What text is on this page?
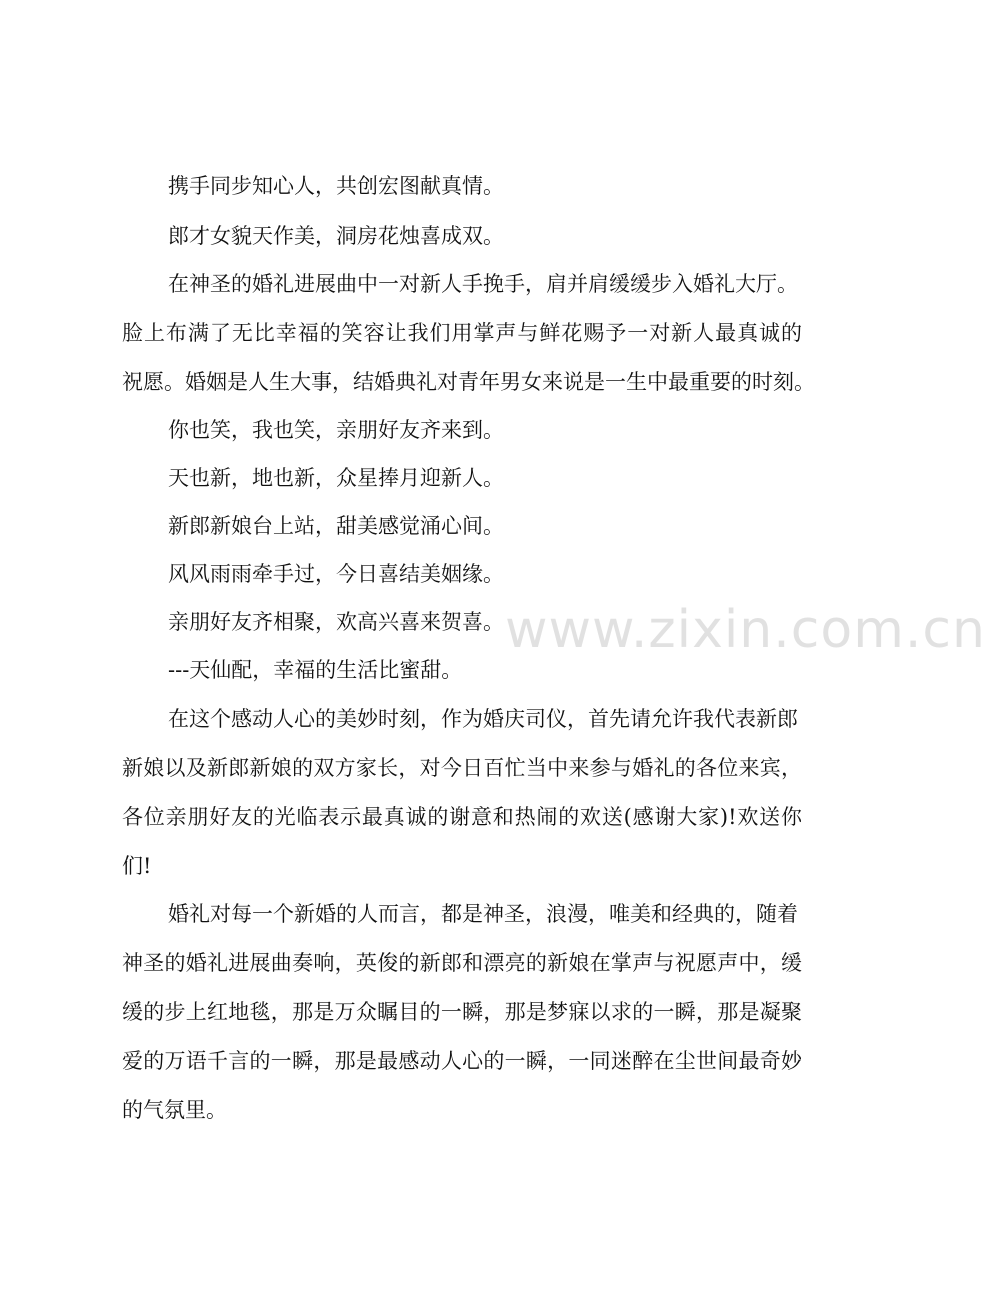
携手同步知心人，共创宏图献真情。
郎才女貌天作美，洞房花烛喜成双。
在神圣的婚礼进展曲中一对新人手挽手，肩并肩缓缓步入婚礼大厅。
脸上布满了无比幸福的笑容让我们用掌声与鲜花赐予一对新人最真诚的
祝愿。婚姻是人生大事，结婚典礼对青年男女来说是一生中最重要的时刻。
你也笑，我也笑，亲朋好友齐来到。
天也新，地也新，众星捧月迎新人。
新郎新娘台上站，甜美感觉涌心间。
风风雨雨牵手过，今日喜结美姻缘。
亲朋好友齐相聚，欢高兴喜来贺喜。
---天仙配，幸福的生活比蜜甜。
在这个感动人心的美妙时刻，作为婚庆司仪，首先请允许我代表新郎
新娘以及新郎新娘的双方家长，对今日百忙当中来参与婚礼的各位来宾，
各位亲朋好友的光临表示最真诚的谢意和热闹的欢送(感谢大家)!欢送你
们!
婚礼对每一个新婚的人而言，都是神圣，浪漫，唯美和经典的，随着
神圣的婚礼进展曲奏响，英俊的新郎和漂亮的新娘在掌声与祝愿声中，缓
缓的步上红地毯，那是万众瞩目的一瞬，那是梦寐以求的一瞬，那是凝聚
爱的万语千言的一瞬，那是最感动人心的一瞬，一同迷醉在尘世间最奇妙
的气氛里。
www.zixin.com.cn
